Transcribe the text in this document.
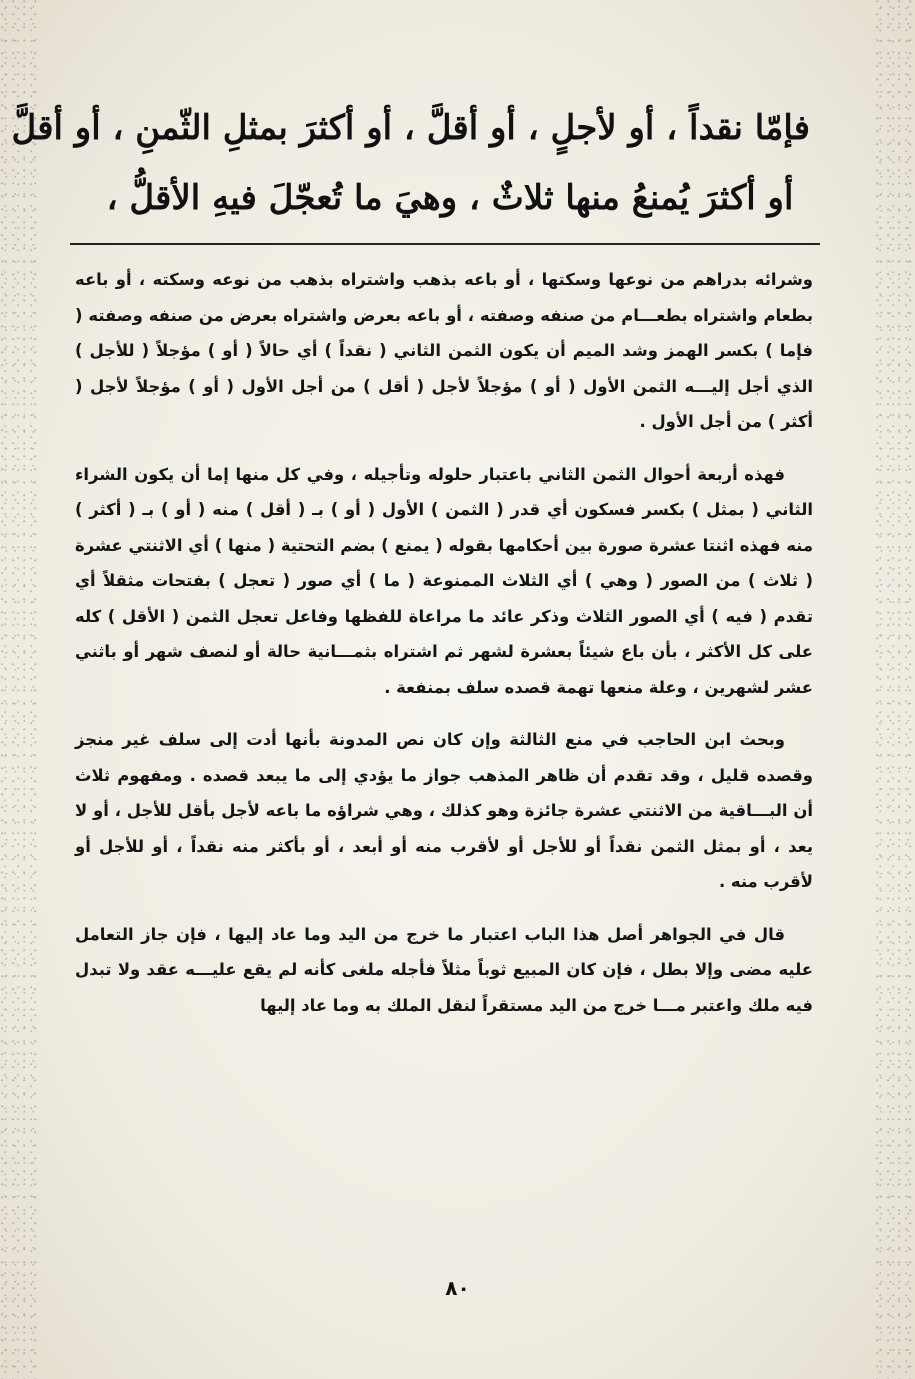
فإمّا نقداً ، أو لأجلٍ ، أو أقلَّ ، أو أكثرَ بمثلِ الثّمنِ ، أو أقلَّ
أو أكثرَ يُمنعُ منها ثلاثٌ ، وهيَ ما تُعجّلَ فيهِ الأقلُّ ،

وشرائه بدراهم من نوعها وسكتها ، أو باعه بذهب واشتراه بذهب من نوعه وسكته ، أو باعه بطعام واشتراه بطعـــام من صنفه وصفته ، أو باعه بعرض واشتراه بعرض من صنفه وصفته ( فإما ) بكسر الهمز وشد الميم أن يكون الثمن الثاني ( نقداً ) أي حالاً ( أو ) مؤجلاً ( للأجل ) الذي أجل إليـــه الثمن الأول ( أو ) مؤجلاً لأجل ( أقل ) من أجل الأول ( أو ) مؤجلاً لأجل ( أكثر ) من أجل الأول .

فهذه أربعة أحوال الثمن الثاني باعتبار حلوله وتأجيله ، وفي كل منها إما أن يكون الشراء الثاني ( بمثل ) بكسر فسكون أي قدر ( الثمن ) الأول ( أو ) بـ ( أقل ) منه ( أو ) بـ ( أكثر ) منه فهذه اثنتا عشرة صورة بين أحكامها بقوله ( يمنع ) بضم التحتية ( منها ) أي الاثنتي عشرة ( ثلاث ) من الصور ( وهي ) أي الثلاث الممنوعة ( ما ) أي صور ( تعجل ) بفتحات مثقلاً أي تقدم ( فيه ) أي الصور الثلاث وذكر عائد ما مراعاة للفظها وفاعل تعجل الثمن ( الأقل ) كله على كل الأكثر ، بأن باع شيئاً بعشرة لشهر ثم اشتراه بثمـــانية حالة أو لنصف شهر أو باثني عشر لشهرين ، وعلة منعها تهمة قصده سلف بمنفعة .

وبحث ابن الحاجب في منع الثالثة وإن كان نص المدونة بأنها أدت إلى سلف غير منجز وقصده قليل ، وقد تقدم أن ظاهر المذهب جواز ما يؤدي إلى ما يبعد قصده . ومفهوم ثلاث أن البـــاقية من الاثنتي عشرة جائزة وهو كذلك ، وهي شراؤه ما باعه لأجل بأقل للأجل ، أو لا يعد ، أو بمثل الثمن نقداً أو للأجل أو لأقرب منه أو أبعد ، أو بأكثر منه نقداً ، أو للأجل أو لأقرب منه .

قال في الجواهر أصل هذا الباب اعتبار ما خرج من اليد وما عاد إليها ، فإن جاز التعامل عليه مضى وإلا بطل ، فإن كان المبيع ثوباً مثلاً فأجله ملغى كأنه لم يقع عليـــه عقد ولا تبدل فيه ملك واعتبر مـــا خرج من اليد مستقراً لنقل الملك به وما عاد إليها

٨٠
